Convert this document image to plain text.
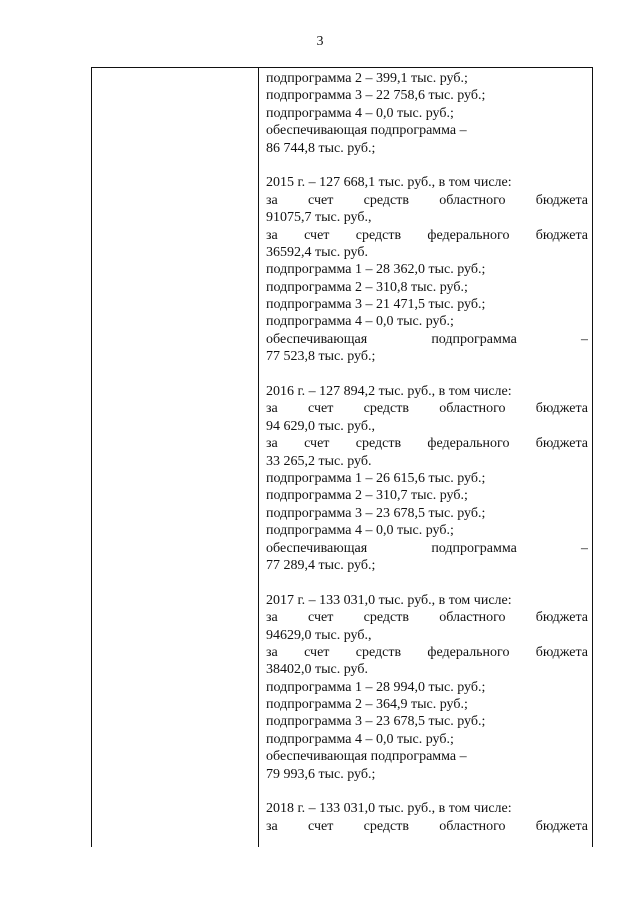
3
подпрограмма 2 – 399,1 тыс. руб.;
подпрограмма 3 – 22 758,6 тыс. руб.;
подпрограмма 4 – 0,0 тыс. руб.;
обеспечивающая подпрограмма –
86 744,8 тыс. руб.;
2015 г. – 127 668,1 тыс. руб., в том числе:
за счет средств областного бюджета
91075,7 тыс. руб.,
за счет средств федерального бюджета
36592,4 тыс. руб.
подпрограмма 1 – 28 362,0 тыс. руб.;
подпрограмма 2 – 310,8 тыс. руб.;
подпрограмма 3 – 21 471,5 тыс. руб.;
подпрограмма 4 – 0,0 тыс. руб.;
обеспечивающая подпрограмма –
77 523,8 тыс. руб.;
2016 г. – 127 894,2 тыс. руб., в том числе:
за счет средств областного бюджета
94 629,0 тыс. руб.,
за счет средств федерального бюджета
33 265,2 тыс. руб.
подпрограмма 1 – 26 615,6 тыс. руб.;
подпрограмма 2 – 310,7 тыс. руб.;
подпрограмма 3 – 23 678,5 тыс. руб.;
подпрограмма 4 – 0,0 тыс. руб.;
обеспечивающая подпрограмма –
77 289,4 тыс. руб.;
2017 г. – 133 031,0 тыс. руб., в том числе:
за счет средств областного бюджета
94629,0 тыс. руб.,
за счет средств федерального бюджета
38402,0 тыс. руб.
подпрограмма 1 – 28 994,0 тыс. руб.;
подпрограмма 2 – 364,9 тыс. руб.;
подпрограмма 3 – 23 678,5 тыс. руб.;
подпрограмма 4 – 0,0 тыс. руб.;
обеспечивающая подпрограмма –
79 993,6 тыс. руб.;
2018 г. – 133 031,0 тыс. руб., в том числе:
за счет средств областного бюджета
